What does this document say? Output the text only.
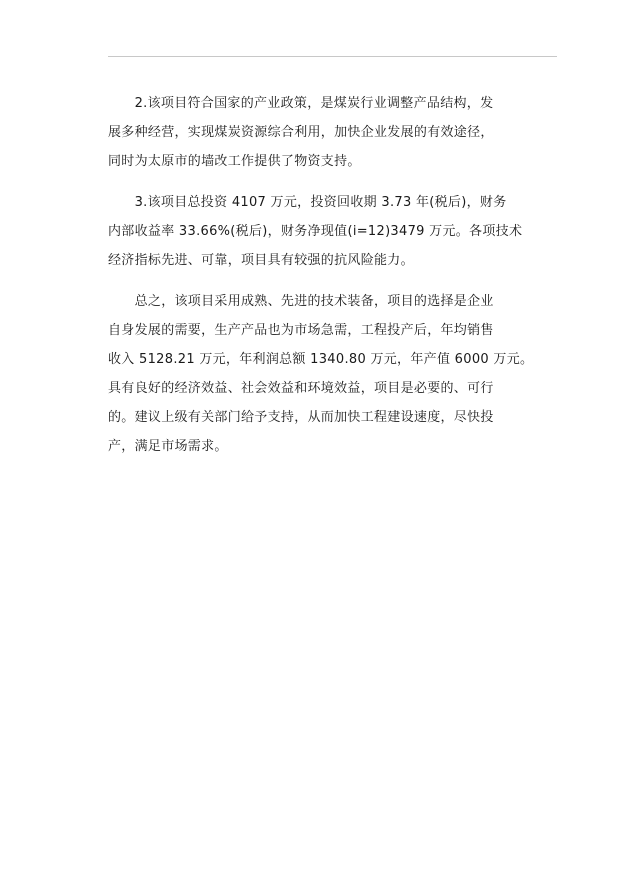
　　2.该项目符合国家的产业政策，是煤炭行业调整产品结构，发
展多种经营，实现煤炭资源综合利用，加快企业发展的有效途径，
同时为太原市的墙改工作提供了物资支持。
　　3.该项目总投资 4107 万元，投资回收期 3.73 年(税后)，财务
内部收益率 33.66%(税后)，财务净现值(i=12)3479 万元。各项技术
经济指标先进、可靠，项目具有较强的抗风险能力。
　　总之，该项目采用成熟、先进的技术装备，项目的选择是企业
自身发展的需要，生产产品也为市场急需，工程投产后，年均销售
收入 5128.21 万元，年利润总额 1340.80 万元，年产值 6000 万元。
具有良好的经济效益、社会效益和环境效益，项目是必要的、可行
的。建议上级有关部门给予支持，从而加快工程建设速度，尽快投
产，满足市场需求。
